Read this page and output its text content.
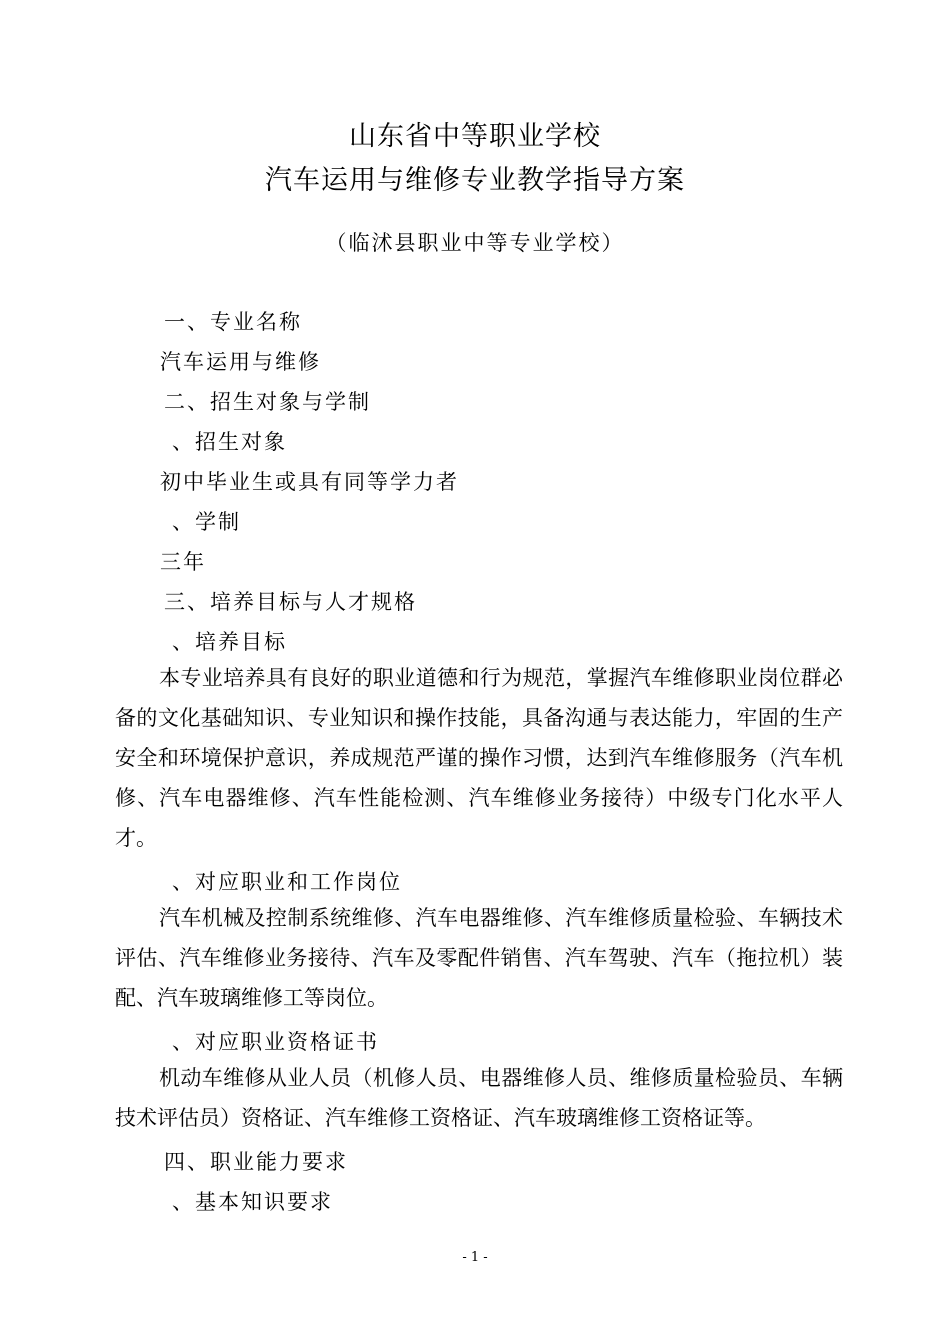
山东省中等职业学校
汽车运用与维修专业教学指导方案
（临沭县职业中等专业学校）
一、专业名称
汽车运用与维修
二、招生对象与学制
、招生对象
初中毕业生或具有同等学力者
、学制
三年
三、培养目标与人才规格
、培养目标
本专业培养具有良好的职业道德和行为规范，掌握汽车维修职业岗位群必备的文化基础知识、专业知识和操作技能，具备沟通与表达能力，牢固的生产安全和环境保护意识，养成规范严谨的操作习惯，达到汽车维修服务（汽车机修、汽车电器维修、汽车性能检测、汽车维修业务接待）中级专门化水平人才。
、对应职业和工作岗位
汽车机械及控制系统维修、汽车电器维修、汽车维修质量检验、车辆技术评估、汽车维修业务接待、汽车及零配件销售、汽车驾驶、汽车（拖拉机）装配、汽车玻璃维修工等岗位。
、对应职业资格证书
机动车维修从业人员（机修人员、电器维修人员、维修质量检验员、车辆技术评估员）资格证、汽车维修工资格证、汽车玻璃维修工资格证等。
四、职业能力要求
、基本知识要求
- 1 -
